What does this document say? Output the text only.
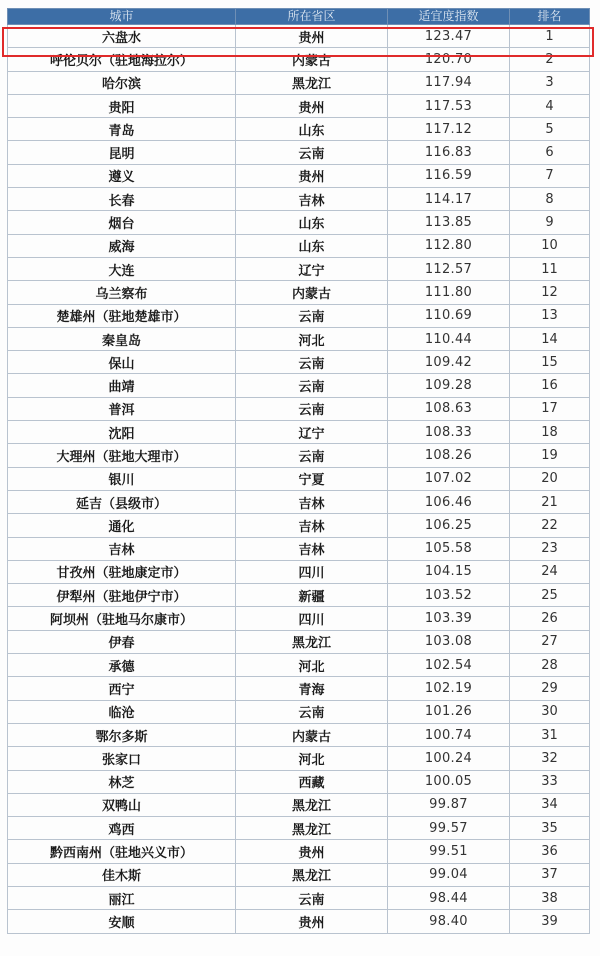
城市	所在省区	适宜度指数	排名
六盘水	贵州	123.47	1
呼伦贝尔（驻地海拉尔）	内蒙古	120.70	2
哈尔滨	黑龙江	117.94	3
贵阳	贵州	117.53	4
青岛	山东	117.12	5
昆明	云南	116.83	6
遵义	贵州	116.59	7
长春	吉林	114.17	8
烟台	山东	113.85	9
威海	山东	112.80	10
大连	辽宁	112.57	11
乌兰察布	内蒙古	111.80	12
楚雄州（驻地楚雄市）	云南	110.69	13
秦皇岛	河北	110.44	14
保山	云南	109.42	15
曲靖	云南	109.28	16
普洱	云南	108.63	17
沈阳	辽宁	108.33	18
大理州（驻地大理市）	云南	108.26	19
银川	宁夏	107.02	20
延吉（县级市）	吉林	106.46	21
通化	吉林	106.25	22
吉林	吉林	105.58	23
甘孜州（驻地康定市）	四川	104.15	24
伊犁州（驻地伊宁市）	新疆	103.52	25
阿坝州（驻地马尔康市）	四川	103.39	26
伊春	黑龙江	103.08	27
承德	河北	102.54	28
西宁	青海	102.19	29
临沧	云南	101.26	30
鄂尔多斯	内蒙古	100.74	31
张家口	河北	100.24	32
林芝	西藏	100.05	33
双鸭山	黑龙江	99.87	34
鸡西	黑龙江	99.57	35
黔西南州（驻地兴义市）	贵州	99.51	36
佳木斯	黑龙江	99.04	37
丽江	云南	98.44	38
安顺	贵州	98.40	39
